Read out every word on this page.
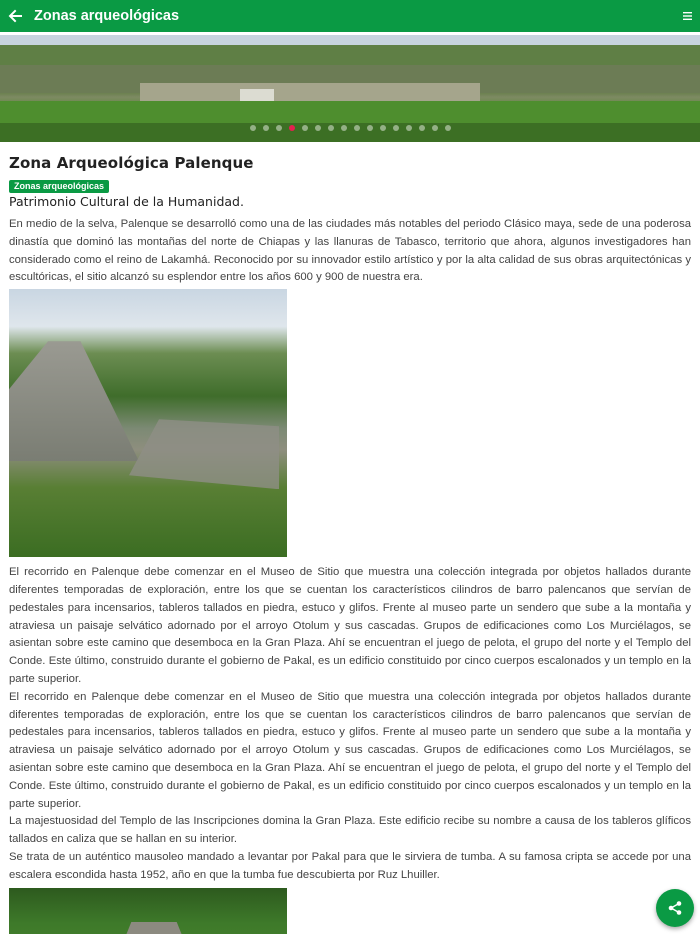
Zonas arqueológicas
Zona Arqueológica Palenque
Zonas arqueológicas
Patrimonio Cultural de la Humanidad.

En medio de la selva, Palenque se desarrolló como una de las ciudades más notables del periodo Clásico maya, sede de una poderosa dinastía que dominó las montañas del norte de Chiapas y las llanuras de Tabasco, territorio que ahora, algunos investigadores han considerado como el reino de Lakamhá. Reconocido por su innovador estilo artístico y por la alta calidad de sus obras arquitectónicas y escultóricas, el sitio alcanzó su esplendor entre los años 600 y 900 de nuestra era.

El recorrido en Palenque debe comenzar en el Museo de Sitio que muestra una colección integrada por objetos hallados durante diferentes temporadas de exploración, entre los que se cuentan los característicos cilindros de barro palencanos que servían de pedestales para incensarios, tableros tallados en piedra, estuco y glifos. Frente al museo parte un sendero que sube a la montaña y atraviesa un paisaje selvático adornado por el arroyo Otolum y sus cascadas. Grupos de edificaciones como Los Murciélagos, se asientan sobre este camino que desemboca en la Gran Plaza. Ahí se encuentran el juego de pelota, el grupo del norte y el Templo del Conde. Este último, construido durante el gobierno de Pakal, es un edificio constituido por cinco cuerpos escalonados y un templo en la parte superior.

El recorrido en Palenque debe comenzar en el Museo de Sitio que muestra una colección integrada por objetos hallados durante diferentes temporadas de exploración, entre los que se cuentan los característicos cilindros de barro palencanos que servían de pedestales para incensarios, tableros tallados en piedra, estuco y glifos. Frente al museo parte un sendero que sube a la montaña y atraviesa un paisaje selvático adornado por el arroyo Otolum y sus cascadas. Grupos de edificaciones como Los Murciélagos, se asientan sobre este camino que desemboca en la Gran Plaza. Ahí se encuentran el juego de pelota, el grupo del norte y el Templo del Conde. Este último, construido durante el gobierno de Pakal, es un edificio constituido por cinco cuerpos escalonados y un templo en la parte superior.

La majestuosidad del Templo de las Inscripciones domina la Gran Plaza. Este edificio recibe su nombre a causa de los tableros glíficos tallados en caliza que se hallan en su interior.

Se trata de un auténtico mausoleo mandado a levantar por Pakal para que le sirviera de tumba. A su famosa cripta se accede por una escalera escondida hasta 1952, año en que la tumba fue descubierta por Ruz Lhuiller.
